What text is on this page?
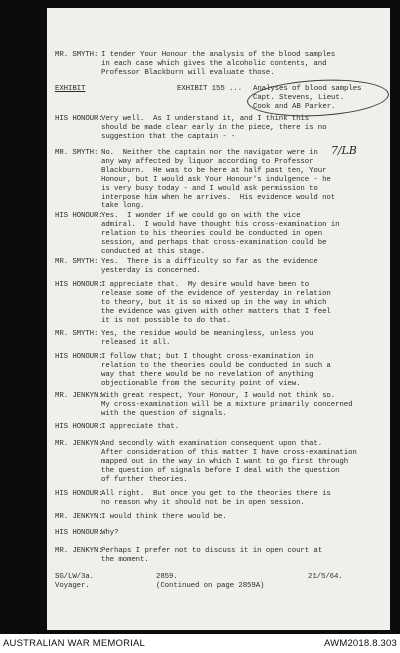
MR. SMYTH: I tender Your Honour the analysis of the blood samples
in each case which gives the alcoholic contents, and
Professor Blackburn will evaluate those.
EXHIBIT	EXHIBIT 155 ... Analyses of blood samples
Capt. Stevens, Lieut.
Cook and AB Parker.
HIS HONOUR:
Very well.  As I understand it, and I think this
should be made clear early in the piece, there is no
suggestion that the captain - -
MR. SMYTH: No.  Neither the captain nor the navigator were in
any way affected by liquor according to Professor
Blackburn.  He was to be here at half past ten, Your
Honour, but I would ask Your Honour's indulgence - he
is very busy today - and I would ask permission to
interpose him when he arrives.  His evidence would not
take long.
7/LB
HIS HONOUR:
Yes.  I wonder if we could go on with the vice
admiral.  I would have thought his cross-examination in
relation to his theories could be conducted in open
session, and perhaps that cross-examination could be
conducted at this stage.
MR. SMYTH: Yes.  There is a difficulty so far as the evidence
yesterday is concerned.
HIS HONOUR:
I appreciate that.  My desire would have been to
release some of the evidence of yesterday in relation
to theory, but it is so mixed up in the way in which
the evidence was given with other matters that I feel
it is not possible to do that.
MR. SMYTH: Yes, the residue would be meaningless, unless you
released it all.
HIS HONOUR:
I follow that; but I thought cross-examination in
relation to the theories could be conducted in such a
way that there would be no revelation of anything
objectionable from the security point of view.
MR. JENKYN:
With great respect, Your Honour, I would not think so.
My cross-examination will be a mixture primarily concerned
with the question of signals.
HIS HONOUR:
I appreciate that.
MR. JENKYN:
And secondly with examination consequent upon that.
After consideration of this matter I have cross-examination
mapped out in the way in which I want to go first through
the question of signals before I deal with the question
of further theories.
HIS HONOUR:
All right.  But once you get to the theories there is
no reason why it should not be in open session.
MR. JENKYN:
I would think there would be.
HIS HONOUR:
Why?
MR. JENKYN:
Perhaps I prefer not to discuss it in open court at
the moment.
SG/LW/3a.
Voyager.
2859.
(Continued on page 2859A)
21/5/64.
AUSTRALIAN WAR MEMORIAL	AWM2018.8.303
